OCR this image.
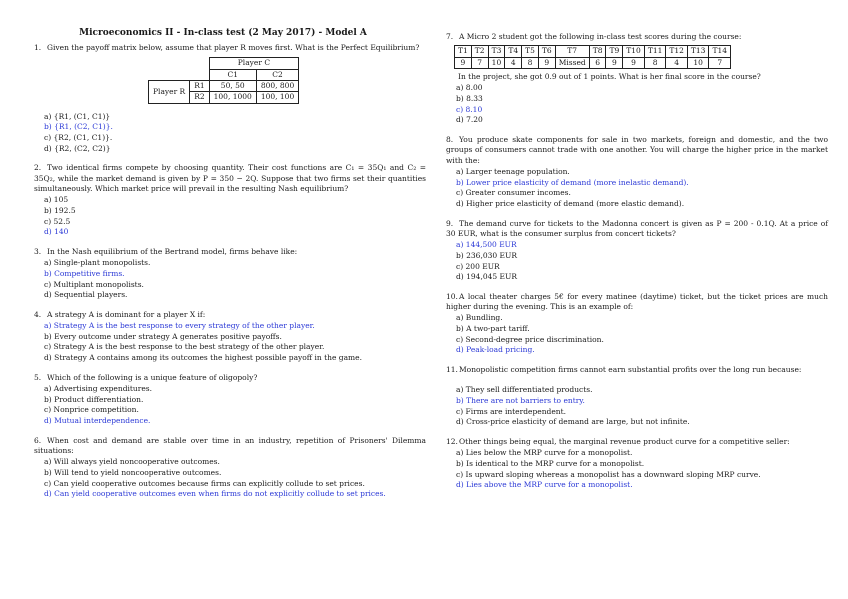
Microeconomics II - In-class test (2 May 2017) - Model A
1. Given the payoff matrix below, assume that player R moves first. What is the Perfect Equilibrium?
		Player C	
		C1	C2
Player R	R1	50, 50	800, 800
	R2	100, 1000	100, 100
a) {R1, (C1, C1)}
b) {R1, (C2, C1)}.
c) {R2, (C1, C1)}.
d) {R2, (C2, C2)}
2. Two identical firms compete by choosing quantity. Their cost functions are C₁ = 35Q₁ and C₂ = 35Q₂, while the market demand is given by P = 350 − 2Q. Suppose that two firms set their quantities simultaneously. Which market price will prevail in the resulting Nash equilibrium?
a) 105
b) 192.5
c) 52.5
d) 140
3. In the Nash equilibrium of the Bertrand model, firms behave like:
a) Single-plant monopolists.
b) Competitive firms.
c) Multiplant monopolists.
d) Sequential players.
4. A strategy A is dominant for a player X if:
a) Strategy A is the best response to every strategy of the other player.
b) Every outcome under strategy A generates positive payoffs.
c) Strategy A is the best response to the best strategy of the other player.
d) Strategy A contains among its outcomes the highest possible payoff in the game.
5. Which of the following is a unique feature of oligopoly?
a) Advertising expenditures.
b) Product differentiation.
c) Nonprice competition.
d) Mutual interdependence.
6. When cost and demand are stable over time in an industry, repetition of Prisoners' Dilemma situations:
a) Will always yield noncooperative outcomes.
b) Will tend to yield noncooperative outcomes.
c) Can yield cooperative outcomes because firms can explicitly collude to set prices.
d) Can yield cooperative outcomes even when firms do not explicitly collude to set prices.
7. A Micro 2 student got the following in-class test scores during the course:
T1	T2	T3	T4	T5	T6	T7	T8	T9	T10	T11	T12	T13	T14
9	7	10	4	8	9	Missed	6	9	9	8	4	10	7
In the project, she got 0.9 out of 1 points. What is her final score in the course?
a) 8.00
b) 8.33
c) 8.10
d) 7.20
8. You produce skate components for sale in two markets, foreign and domestic, and the two groups of consumers cannot trade with one another. You will charge the higher price in the market with the:
a) Larger teenage population.
b) Lower price elasticity of demand (more inelastic demand).
c) Greater consumer incomes.
d) Higher price elasticity of demand (more elastic demand).
9. The demand curve for tickets to the Madonna concert is given as P = 200 - 0.1Q. At a price of 30 EUR, what is the consumer surplus from concert tickets?
a) 144,500 EUR
b) 236,030 EUR
c) 200 EUR
d) 194,045 EUR
10.A local theater charges 5€ for every matinee (daytime) ticket, but the ticket prices are much higher during the evening. This is an example of:
a) Bundling.
b) A two-part tariff.
c) Second-degree price discrimination.
d) Peak-load pricing.
11.Monopolistic competition firms cannot earn substantial profits over the long run because:
a) They sell differentiated products.
b) There are not barriers to entry.
c) Firms are interdependent.
d) Cross-price elasticity of demand are large, but not infinite.
12.Other things being equal, the marginal revenue product curve for a competitive seller:
a) Lies below the MRP curve for a monopolist.
b) Is identical to the MRP curve for a monopolist.
c) Is upward sloping whereas a monopolist has a downward sloping MRP curve.
d) Lies above the MRP curve for a monopolist.
